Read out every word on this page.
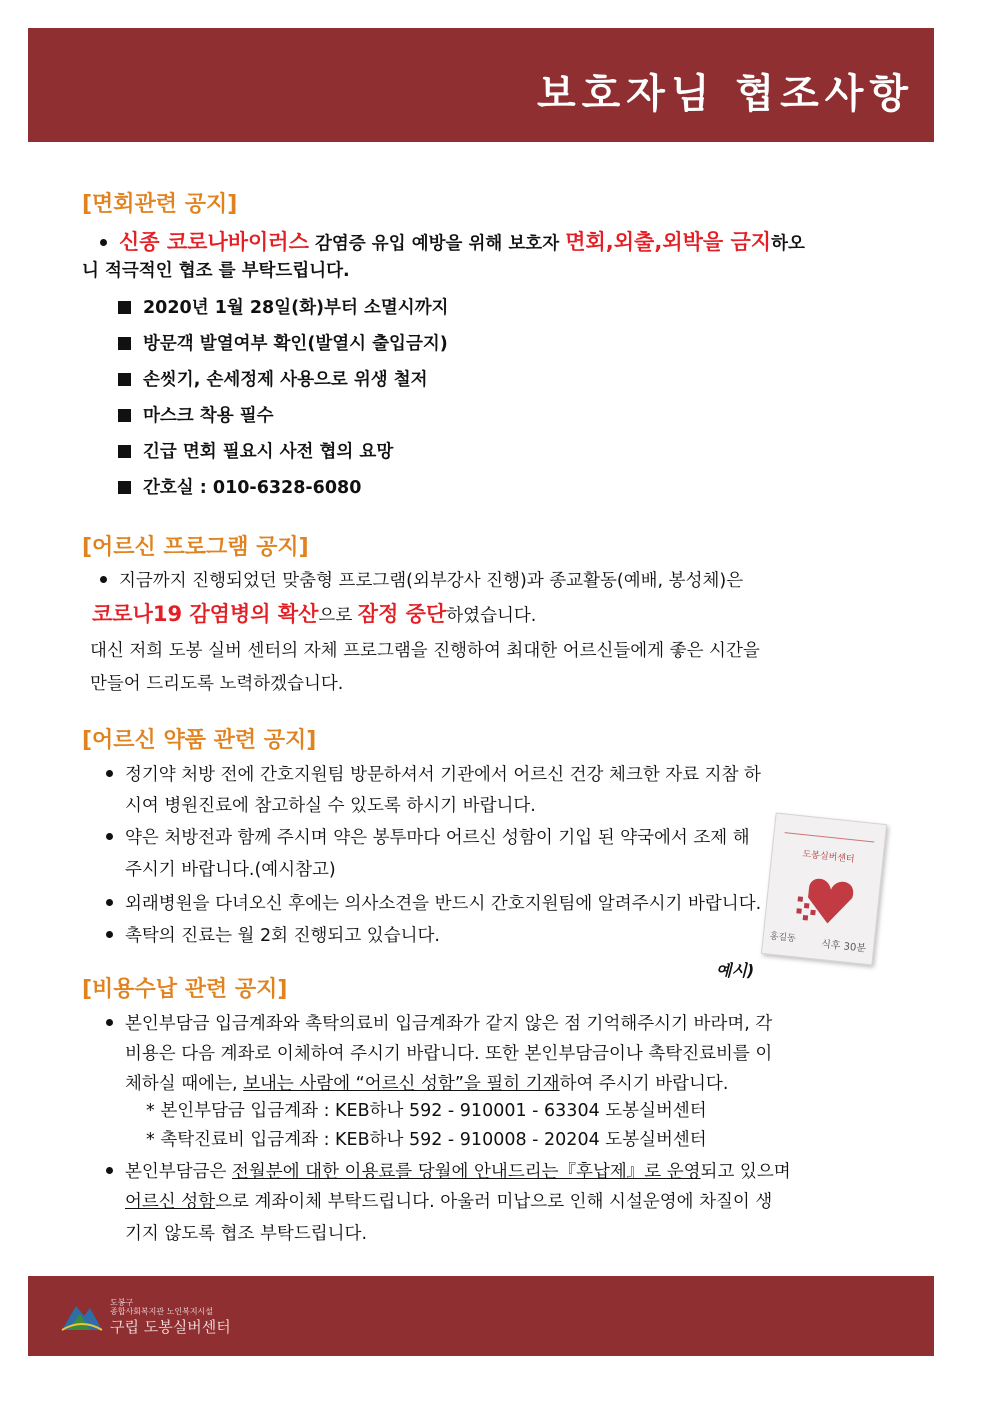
보호자님 협조사항
[면회관련 공지]
신종 코로나바이러스 감염증 유입 예방을 위해 보호자 면회,외출,외박을 금지하오
니 적극적인 협조 를 부탁드립니다.
2020년 1월 28일(화)부터 소멸시까지
방문객 발열여부 확인(발열시 출입금지)
손씻기, 손세정제 사용으로 위생 철저
마스크 착용 필수
긴급 면회 필요시 사전 협의 요망
간호실 : 010-6328-6080
[어르신 프로그램 공지]
지금까지 진행되었던 맞춤형 프로그램(외부강사 진행)과 종교활동(예배, 봉성체)은
코로나19 감염병의 확산으로 잠정 중단하였습니다.
대신 저희 도봉 실버 센터의 자체 프로그램을 진행하여 최대한 어르신들에게 좋은 시간을
만들어 드리도록 노력하겠습니다.
[어르신 약품 관련 공지]
정기약 처방 전에 간호지원팀 방문하셔서 기관에서 어르신 건강 체크한 자료 지참 하
시여 병원진료에 참고하실 수 있도록 하시기 바랍니다.
약은 처방전과 함께 주시며 약은 봉투마다 어르신 성함이 기입 된 약국에서 조제 해
주시기 바랍니다.(예시참고)
외래병원을 다녀오신 후에는 의사소견을 반드시 간호지원팀에 알려주시기 바랍니다.
촉탁의 진료는 월 2회 진행되고 있습니다.
도봉실버센터
홍길동
식후 30분
예시)
[비용수납 관련 공지]
본인부담금 입금계좌와 촉탁의료비 입금계좌가 같지 않은 점 기억해주시기 바라며, 각
비용은 다음 계좌로 이체하여 주시기 바랍니다. 또한 본인부담금이나 촉탁진료비를 이
체하실 때에는, 보내는 사람에 “어르신 성함”을 필히 기재하여 주시기 바랍니다.
* 본인부담금 입금계좌 : KEB하나 592 - 910001 - 63304 도봉실버센터
* 촉탁진료비 입금계좌 : KEB하나 592 - 910008 - 20204 도봉실버센터
본인부담금은 전월분에 대한 이용료를 당월에 안내드리는『후납제』로 운영되고 있으며
어르신 성함으로 계좌이체 부탁드립니다. 아울러 미납으로 인해 시설운영에 차질이 생
기지 않도록 협조 부탁드립니다.
도봉구
종합사회복지관 노인복지시설
구립 도봉실버센터
